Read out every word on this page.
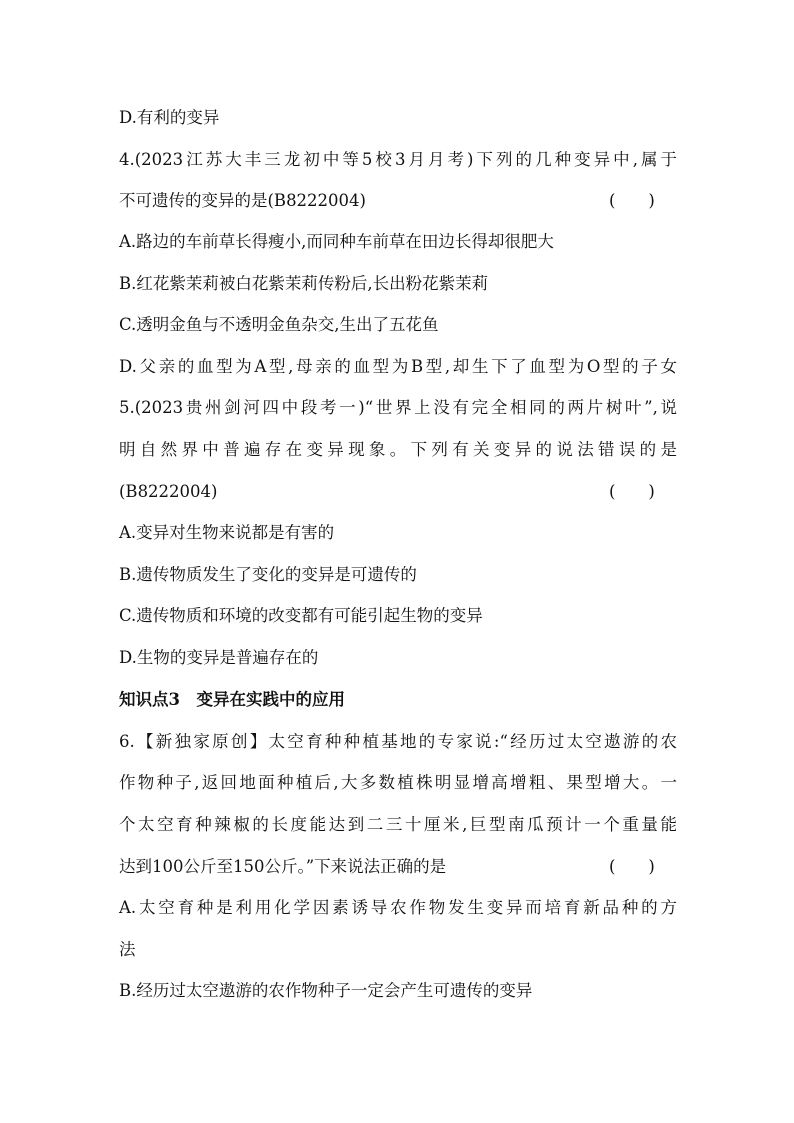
D.有利的变异
4.(2023江苏大丰三龙初中等5校3月月考)下列的几种变异中,属于
不可遗传的变异的是(B8222004)	(　　)
A.路边的车前草长得瘦小,而同种车前草在田边长得却很肥大
B.红花紫茉莉被白花紫茉莉传粉后,长出粉花紫茉莉
C.透明金鱼与不透明金鱼杂交,生出了五花鱼
D.父亲的血型为A型,母亲的血型为B型,却生下了血型为O型的子女
5.(2023贵州剑河四中段考一)“世界上没有完全相同的两片树叶”,说
明自然界中普遍存在变异现象。下列有关变异的说法错误的是
(B8222004)	(　　)
A.变异对生物来说都是有害的
B.遗传物质发生了变化的变异是可遗传的
C.遗传物质和环境的改变都有可能引起生物的变异
D.生物的变异是普遍存在的
知识点3　变异在实践中的应用
6.【新独家原创】太空育种种植基地的专家说:“经历过太空遨游的农
作物种子,返回地面种植后,大多数植株明显增高增粗、果型增大。一
个太空育种辣椒的长度能达到二三十厘米,巨型南瓜预计一个重量能
达到100公斤至150公斤。”下来说法正确的是	(　　)
A.太空育种是利用化学因素诱导农作物发生变异而培育新品种的方
法
B.经历过太空遨游的农作物种子一定会产生可遗传的变异
